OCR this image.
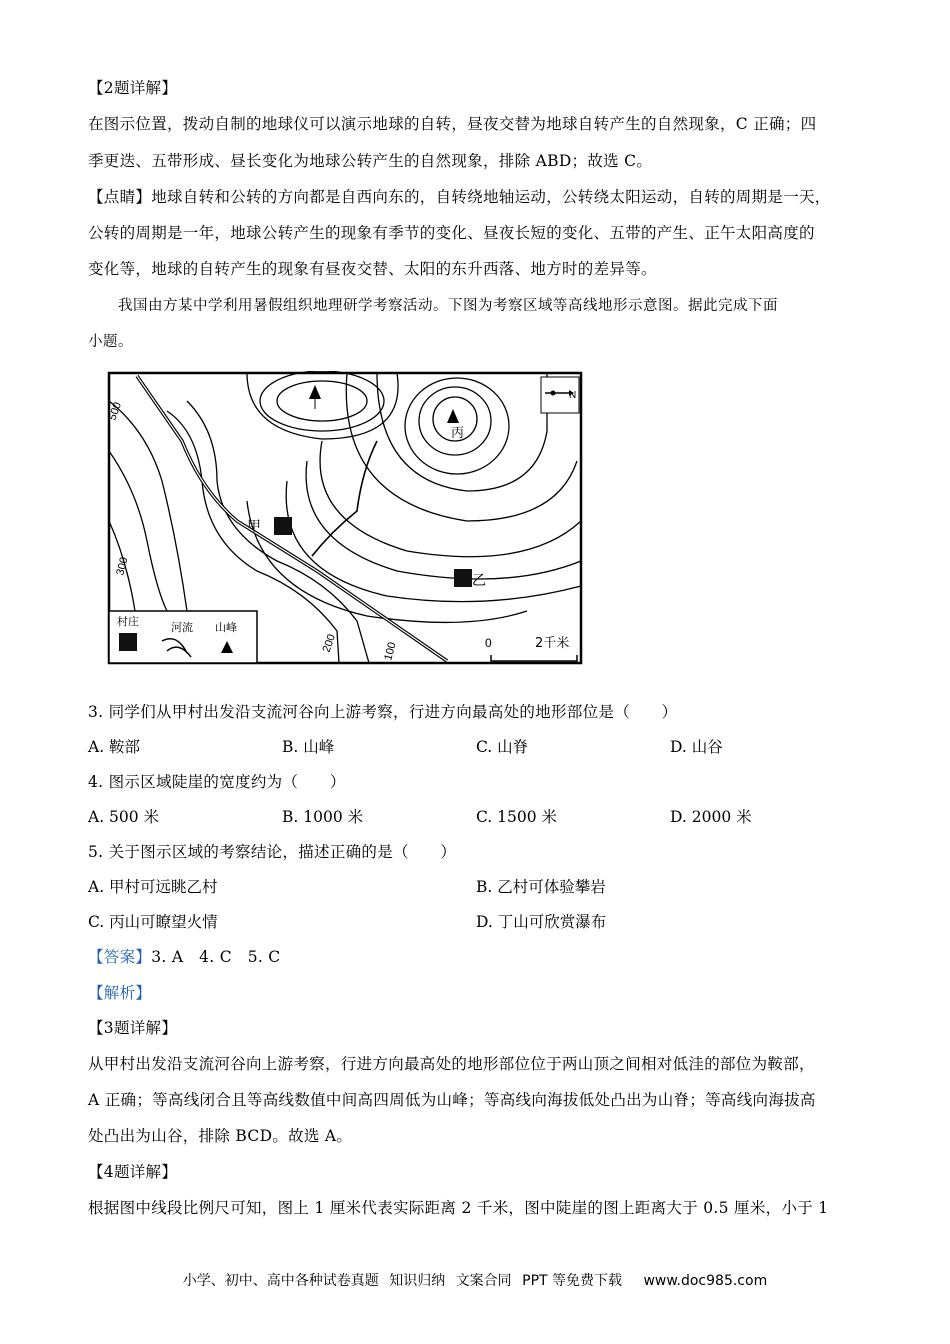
【2题详解】
在图示位置，拨动自制的地球仪可以演示地球的自转，昼夜交替为地球自转产生的自然现象，C 正确；四
季更迭、五带形成、昼长变化为地球公转产生的自然现象，排除 ABD；故选 C。
【点睛】地球自转和公转的方向都是自西向东的，自转绕地轴运动，公转绕太阳运动，自转的周期是一天，
公转的周期是一年，地球公转产生的现象有季节的变化、昼夜长短的变化、五带的产生、正午太阳高度的
变化等，地球的自转产生的现象有昼夜交替、太阳的东升西落、地方时的差异等。
我国由方某中学利用暑假组织地理研学考察活动。下图为考察区域等高线地形示意图。据此完成下面
小题。
500
300
200	100
甲
乙
丙
N
村庄	河流 山峰
0	2千米
3. 同学们从甲村出发沿支流河谷向上游考察，行进方向最高处的地形部位是（　　）
A. 鞍部	B. 山峰	C. 山脊	D. 山谷
4. 图示区域陡崖的宽度约为（　　）
A. 500 米	B. 1000 米	C. 1500 米	D. 2000 米
5. 关于图示区域的考察结论，描述正确的是（　　）
A. 甲村可远眺乙村	B. 乙村可体验攀岩
C. 丙山可瞭望火情	D. 丁山可欣赏瀑布
【答案】3. A　4. C　5. C
【解析】
【3题详解】
从甲村出发沿支流河谷向上游考察，行进方向最高处的地形部位位于两山顶之间相对低洼的部位为鞍部，
A 正确；等高线闭合且等高线数值中间高四周低为山峰；等高线向海拔低处凸出为山脊；等高线向海拔高
处凸出为山谷，排除 BCD。故选 A。
【4题详解】
根据图中线段比例尺可知，图上 1 厘米代表实际距离 2 千米，图中陡崖的图上距离大于 0.5 厘米，小于 1
小学、初中、高中各种试卷真题 知识归纳 文案合同 PPT 等免费下载 www.doc985.com
